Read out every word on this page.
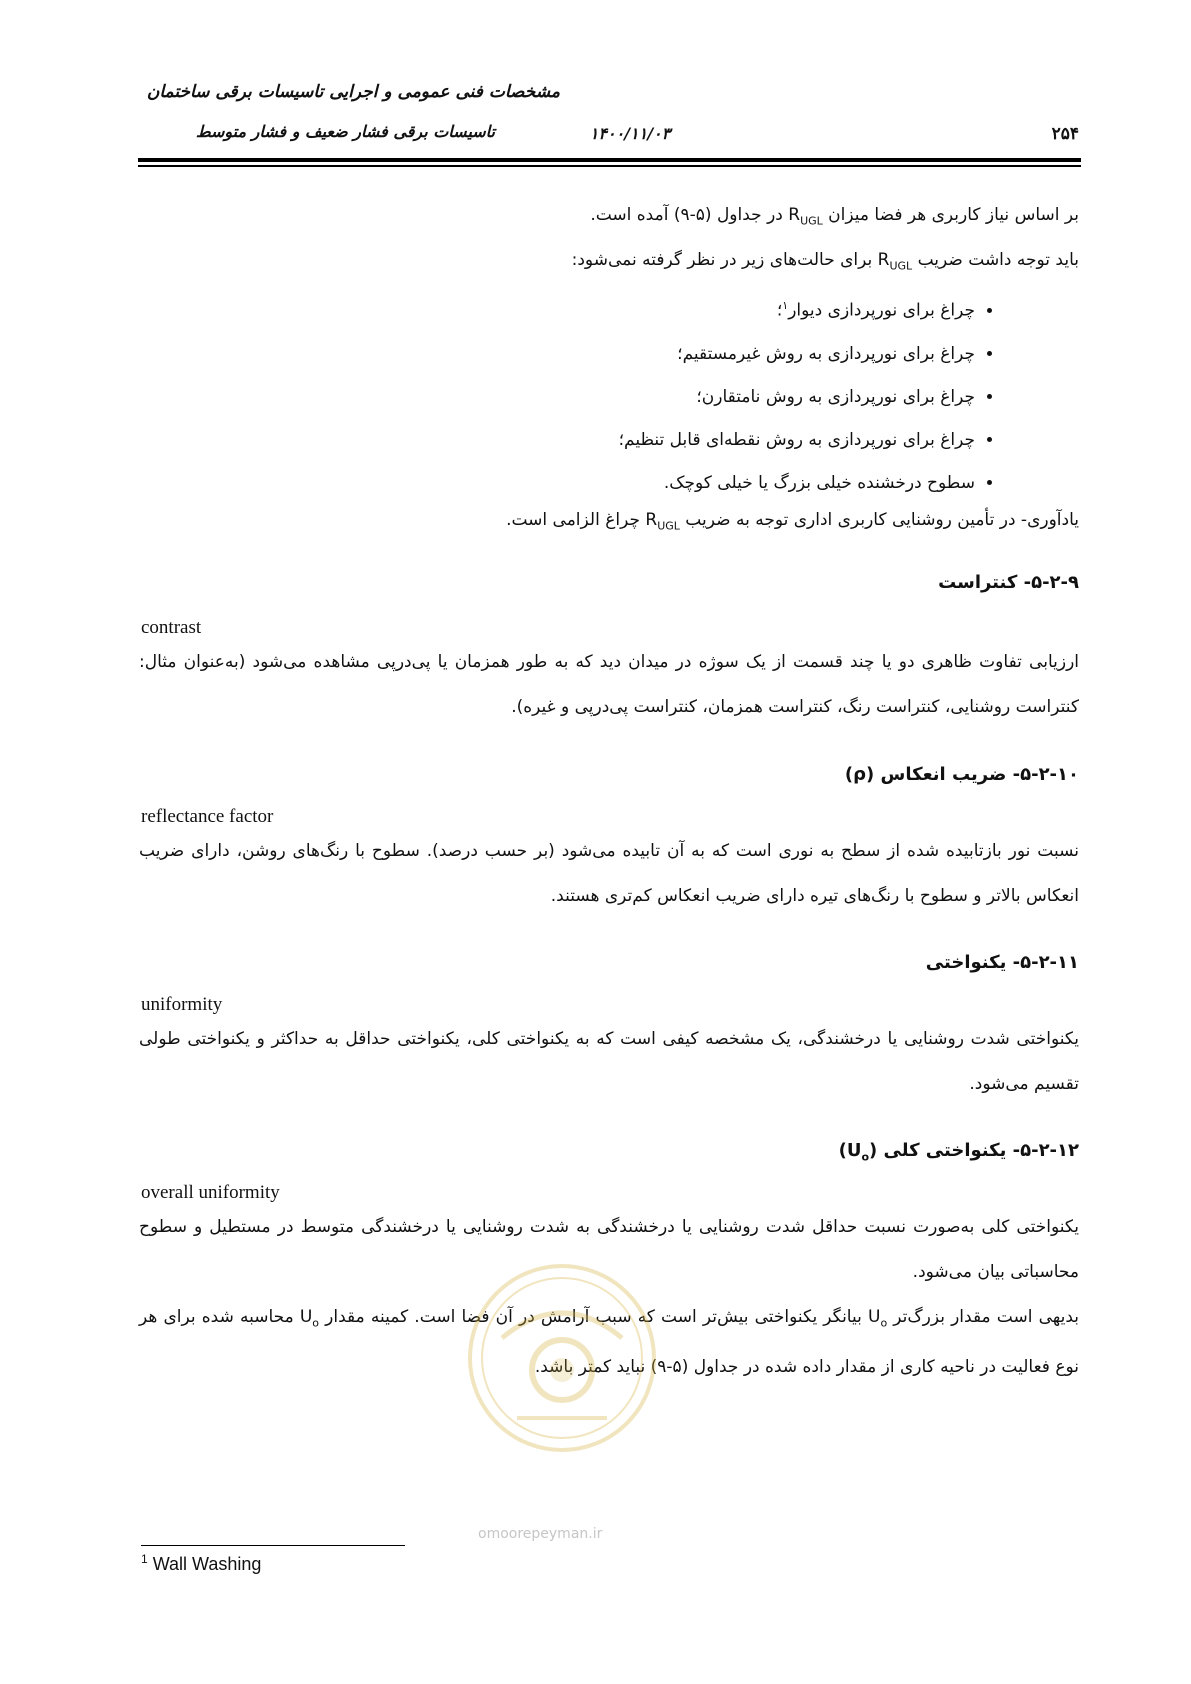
مشخصات فنی عمومی و اجرایی تاسیسات برقی ساختمان
تاسیسات برقی فشار ضعیف و فشار متوسط	۱۴۰۰/۱۱/۰۳	۲۵۴
بر اساس نیاز کاربری هر فضا میزان $R_{UGL}$ در جداول (۵-۹) آمده است.
باید توجه داشت ضریب $R_{UGL}$ برای حالت‌های زیر در نظر گرفته نمی‌شود:
• چراغ برای نورپردازی دیوار$^۱$؛
• چراغ برای نورپردازی به روش غیرمستقیم؛
• چراغ برای نورپردازی به روش نامتقارن؛
• چراغ برای نورپردازی به روش نقطه‌ای قابل تنظیم؛
• سطوح درخشنده خیلی بزرگ یا خیلی کوچک.
یادآوری- در تأمین روشنایی کاربری اداری توجه به ضریب $R_{UGL}$ چراغ الزامی است.
۵-۲-۹- کنتراست
contrast
ارزیابی تفاوت ظاهری دو یا چند قسمت از یک سوژه در میدان دید که به طور همزمان یا پی‌درپی مشاهده می‌شود (به‌عنوان مثال: کنتراست روشنایی، کنتراست رنگ، کنتراست همزمان، کنتراست پی‌درپی و غیره).
۵-۲-۱۰- ضریب انعکاس (ρ)
reflectance factor
نسبت نور بازتابیده شده از سطح به نوری است که به آن تابیده می‌شود (بر حسب درصد). سطوح با رنگ‌های روشن، دارای ضریب انعکاس بالاتر و سطوح با رنگ‌های تیره دارای ضریب انعکاس کم‌تری هستند.
۵-۲-۱۱- یکنواختی
uniformity
یکنواختی شدت روشنایی یا درخشندگی، یک مشخصه کیفی است که به یکنواختی کلی، یکنواختی حداقل به حداکثر و یکنواختی طولی تقسیم می‌شود.
۵-۲-۱۲- یکنواختی کلی $(U_o)$
overall uniformity
یکنواختی کلی به‌صورت نسبت حداقل شدت روشنایی یا درخشندگی به شدت روشنایی یا درخشندگی متوسط در مستطیل و سطوح محاسباتی بیان می‌شود.
بدیهی است مقدار بزرگ‌تر $U_o$ بیانگر یکنواختی بیش‌تر است که سبب آرامش در آن فضا است. کمینه مقدار $U_o$ محاسبه شده برای هر نوع فعالیت در ناحیه کاری از مقدار داده شده در جداول (۵-۹) نباید کمتر باشد.
omoorepeyman.ir
$^1$ Wall Washing
